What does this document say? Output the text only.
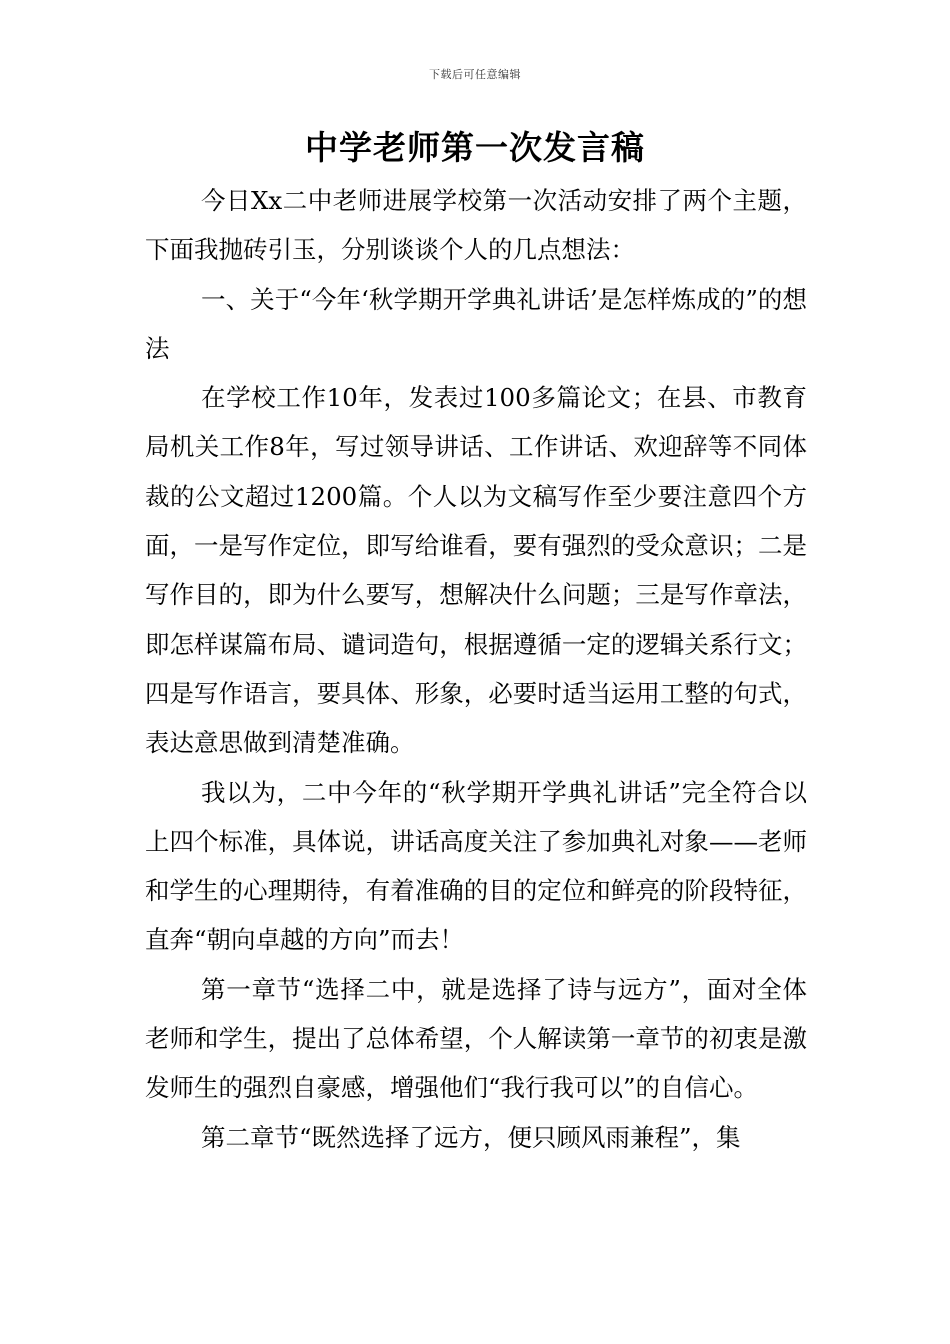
下载后可任意编辑
中学老师第一次发言稿

今日Xx二中老师进展学校第一次活动安排了两个主题，下面我抛砖引玉，分别谈谈个人的几点想法：

一、关于“今年‘秋学期开学典礼讲话’是怎样炼成的”的想法

在学校工作10年，发表过100多篇论文；在县、市教育局机关工作8年，写过领导讲话、工作讲话、欢迎辞等不同体裁的公文超过1200篇。个人以为文稿写作至少要注意四个方面，一是写作定位，即写给谁看，要有强烈的受众意识；二是写作目的，即为什么要写，想解决什么问题；三是写作章法，即怎样谋篇布局、谴词造句，根据遵循一定的逻辑关系行文；四是写作语言，要具体、形象，必要时适当运用工整的句式，表达意思做到清楚准确。

我以为，二中今年的“秋学期开学典礼讲话”完全符合以上四个标准，具体说，讲话高度关注了参加典礼对象——老师和学生的心理期待，有着准确的目的定位和鲜亮的阶段特征，直奔“朝向卓越的方向”而去！

第一章节“选择二中，就是选择了诗与远方”，面对全体老师和学生，提出了总体希望，个人解读第一章节的初衷是激发师生的强烈自豪感，增强他们“我行我可以”的自信心。

第二章节“既然选择了远方，便只顾风雨兼程”，集
